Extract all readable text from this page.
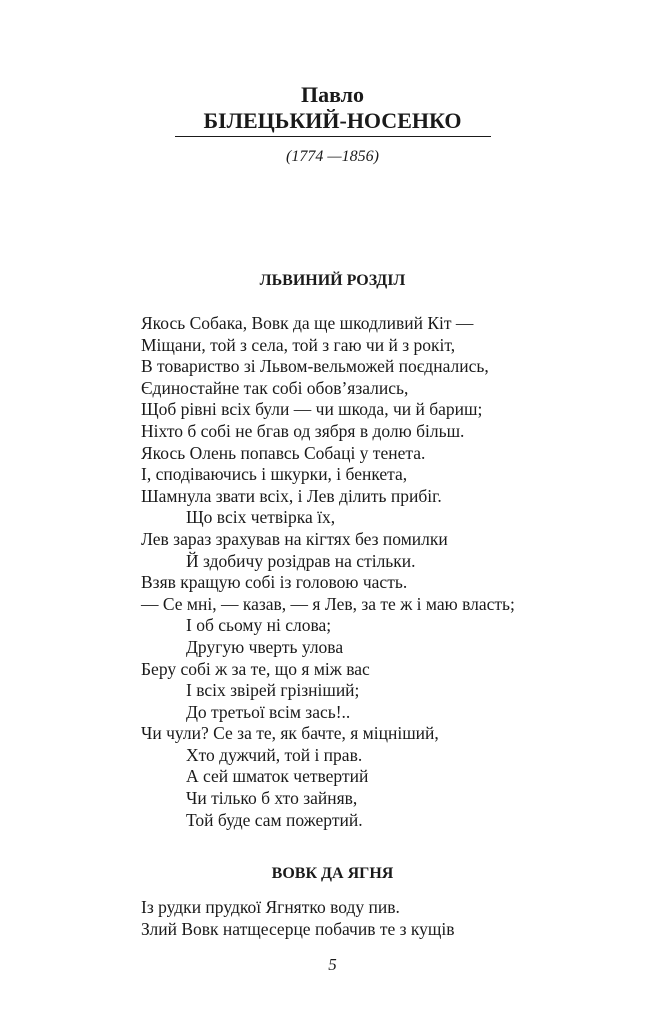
Павло
БІЛЕЦЬКИЙ-НОСЕНКО
(1774 —1856)
ЛЬВИНИЙ РОЗДІЛ
Якось Собака, Вовк да ще шкодливий Кіт —
Міщани, той з села, той з гаю чи й з рокіт,
В товариство зі Львом-вельможей поєднались,
Єдиностайне так собі обов’язались,
Щоб рівні всіх були — чи шкода, чи й бариш;
Ніхто б собі не бгав од зября в долю більш.
Якось Олень попавсь Собаці у тенета.
І, сподіваючись і шкурки, і бенкета,
Шамнула звати всіх, і Лев ділить прибіг.
Що всіх четвірка їх,
Лев зараз зрахував на кігтях без помилки
Й здобичу розідрав на стільки.
Взяв кращую собі із головою часть.
— Се мні, — казав, — я Лев, за те ж і маю власть;
І об сьому ні слова;
Другую чверть улова
Беру собі ж за те, що я між вас
І всіх звірей грізніший;
До третьої всім зась!..
Чи чули? Се за те, як бачте, я міцніший,
Хто дужчий, той і прав.
А сей шматок четвертий
Чи тілько б хто зайняв,
Той буде сам пожертий.
ВОВК ДА ЯГНЯ
Із рудки прудкої Ягнятко воду пив.
Злий Вовк натщесерце побачив те з кущів
5
